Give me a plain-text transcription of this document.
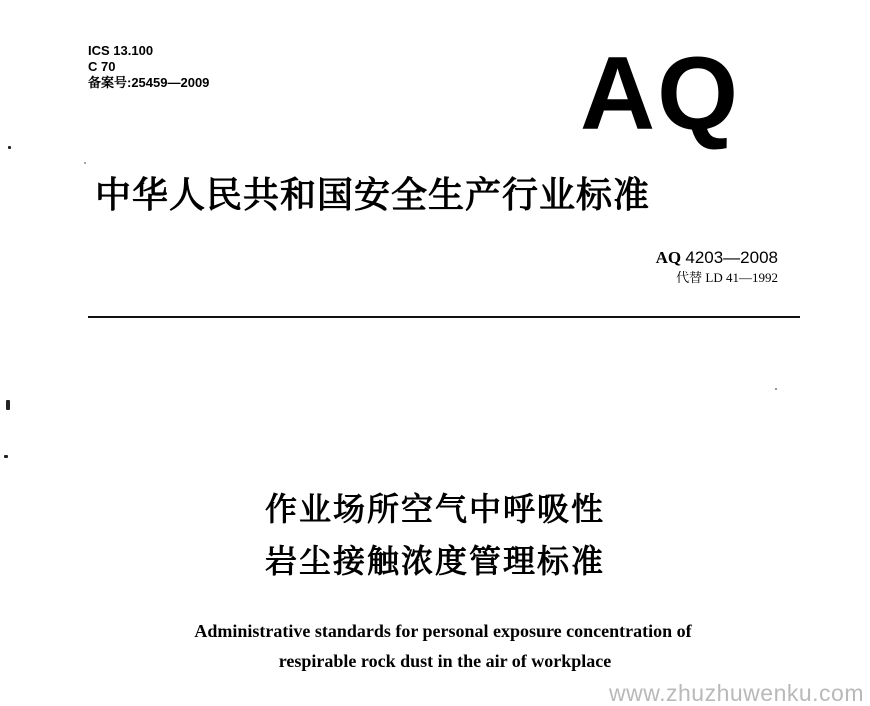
ICS 13.100
C 70
备案号:25459—2009	AQ
中华人民共和国安全生产行业标准
AQ 4203—2008
代替 LD 41—1992
作业场所空气中呼吸性
岩尘接触浓度管理标准
Administrative standards for personal exposure concentration of
respirable rock dust in the air of workplace
www.zhuzhuwenku.com
